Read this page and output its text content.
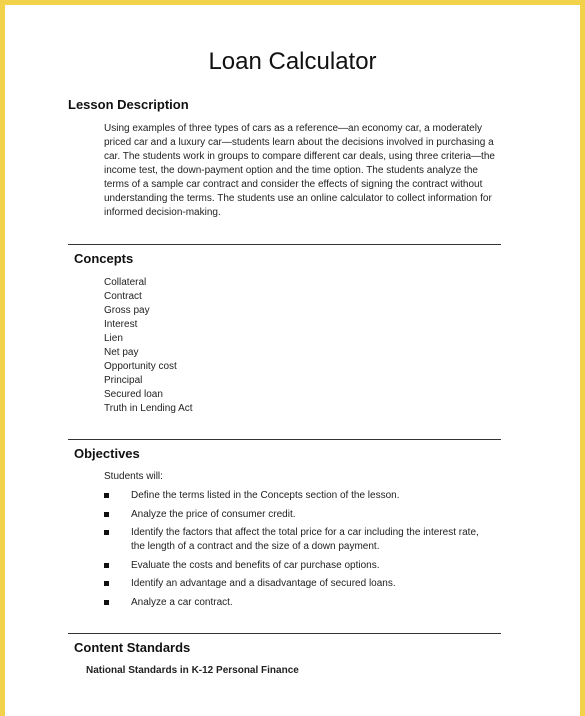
Loan Calculator
Lesson Description

Using examples of three types of cars as a reference—an economy car, a moderately priced car and a luxury car—students learn about the decisions involved in purchasing a car. The students work in groups to compare different car deals, using three criteria—the income test, the down-payment option and the time option. The students analyze the terms of a sample car contract and consider the effects of signing the contract without understanding the terms. The students use an online calculator to collect information for informed decision-making.

Concepts
Collateral
Contract
Gross pay
Interest
Lien
Net pay
Opportunity cost
Principal
Secured loan
Truth in Lending Act
Objectives

Students will:

Define the terms listed in the Concepts section of the lesson.
Analyze the price of consumer credit.
Identify the factors that affect the total price for a car including the interest rate, the length of a contract and the size of a down payment.
Evaluate the costs and benefits of car purchase options.
Identify an advantage and a disadvantage of secured loans.
Analyze a car contract.
Content Standards

National Standards in K-12 Personal Finance
